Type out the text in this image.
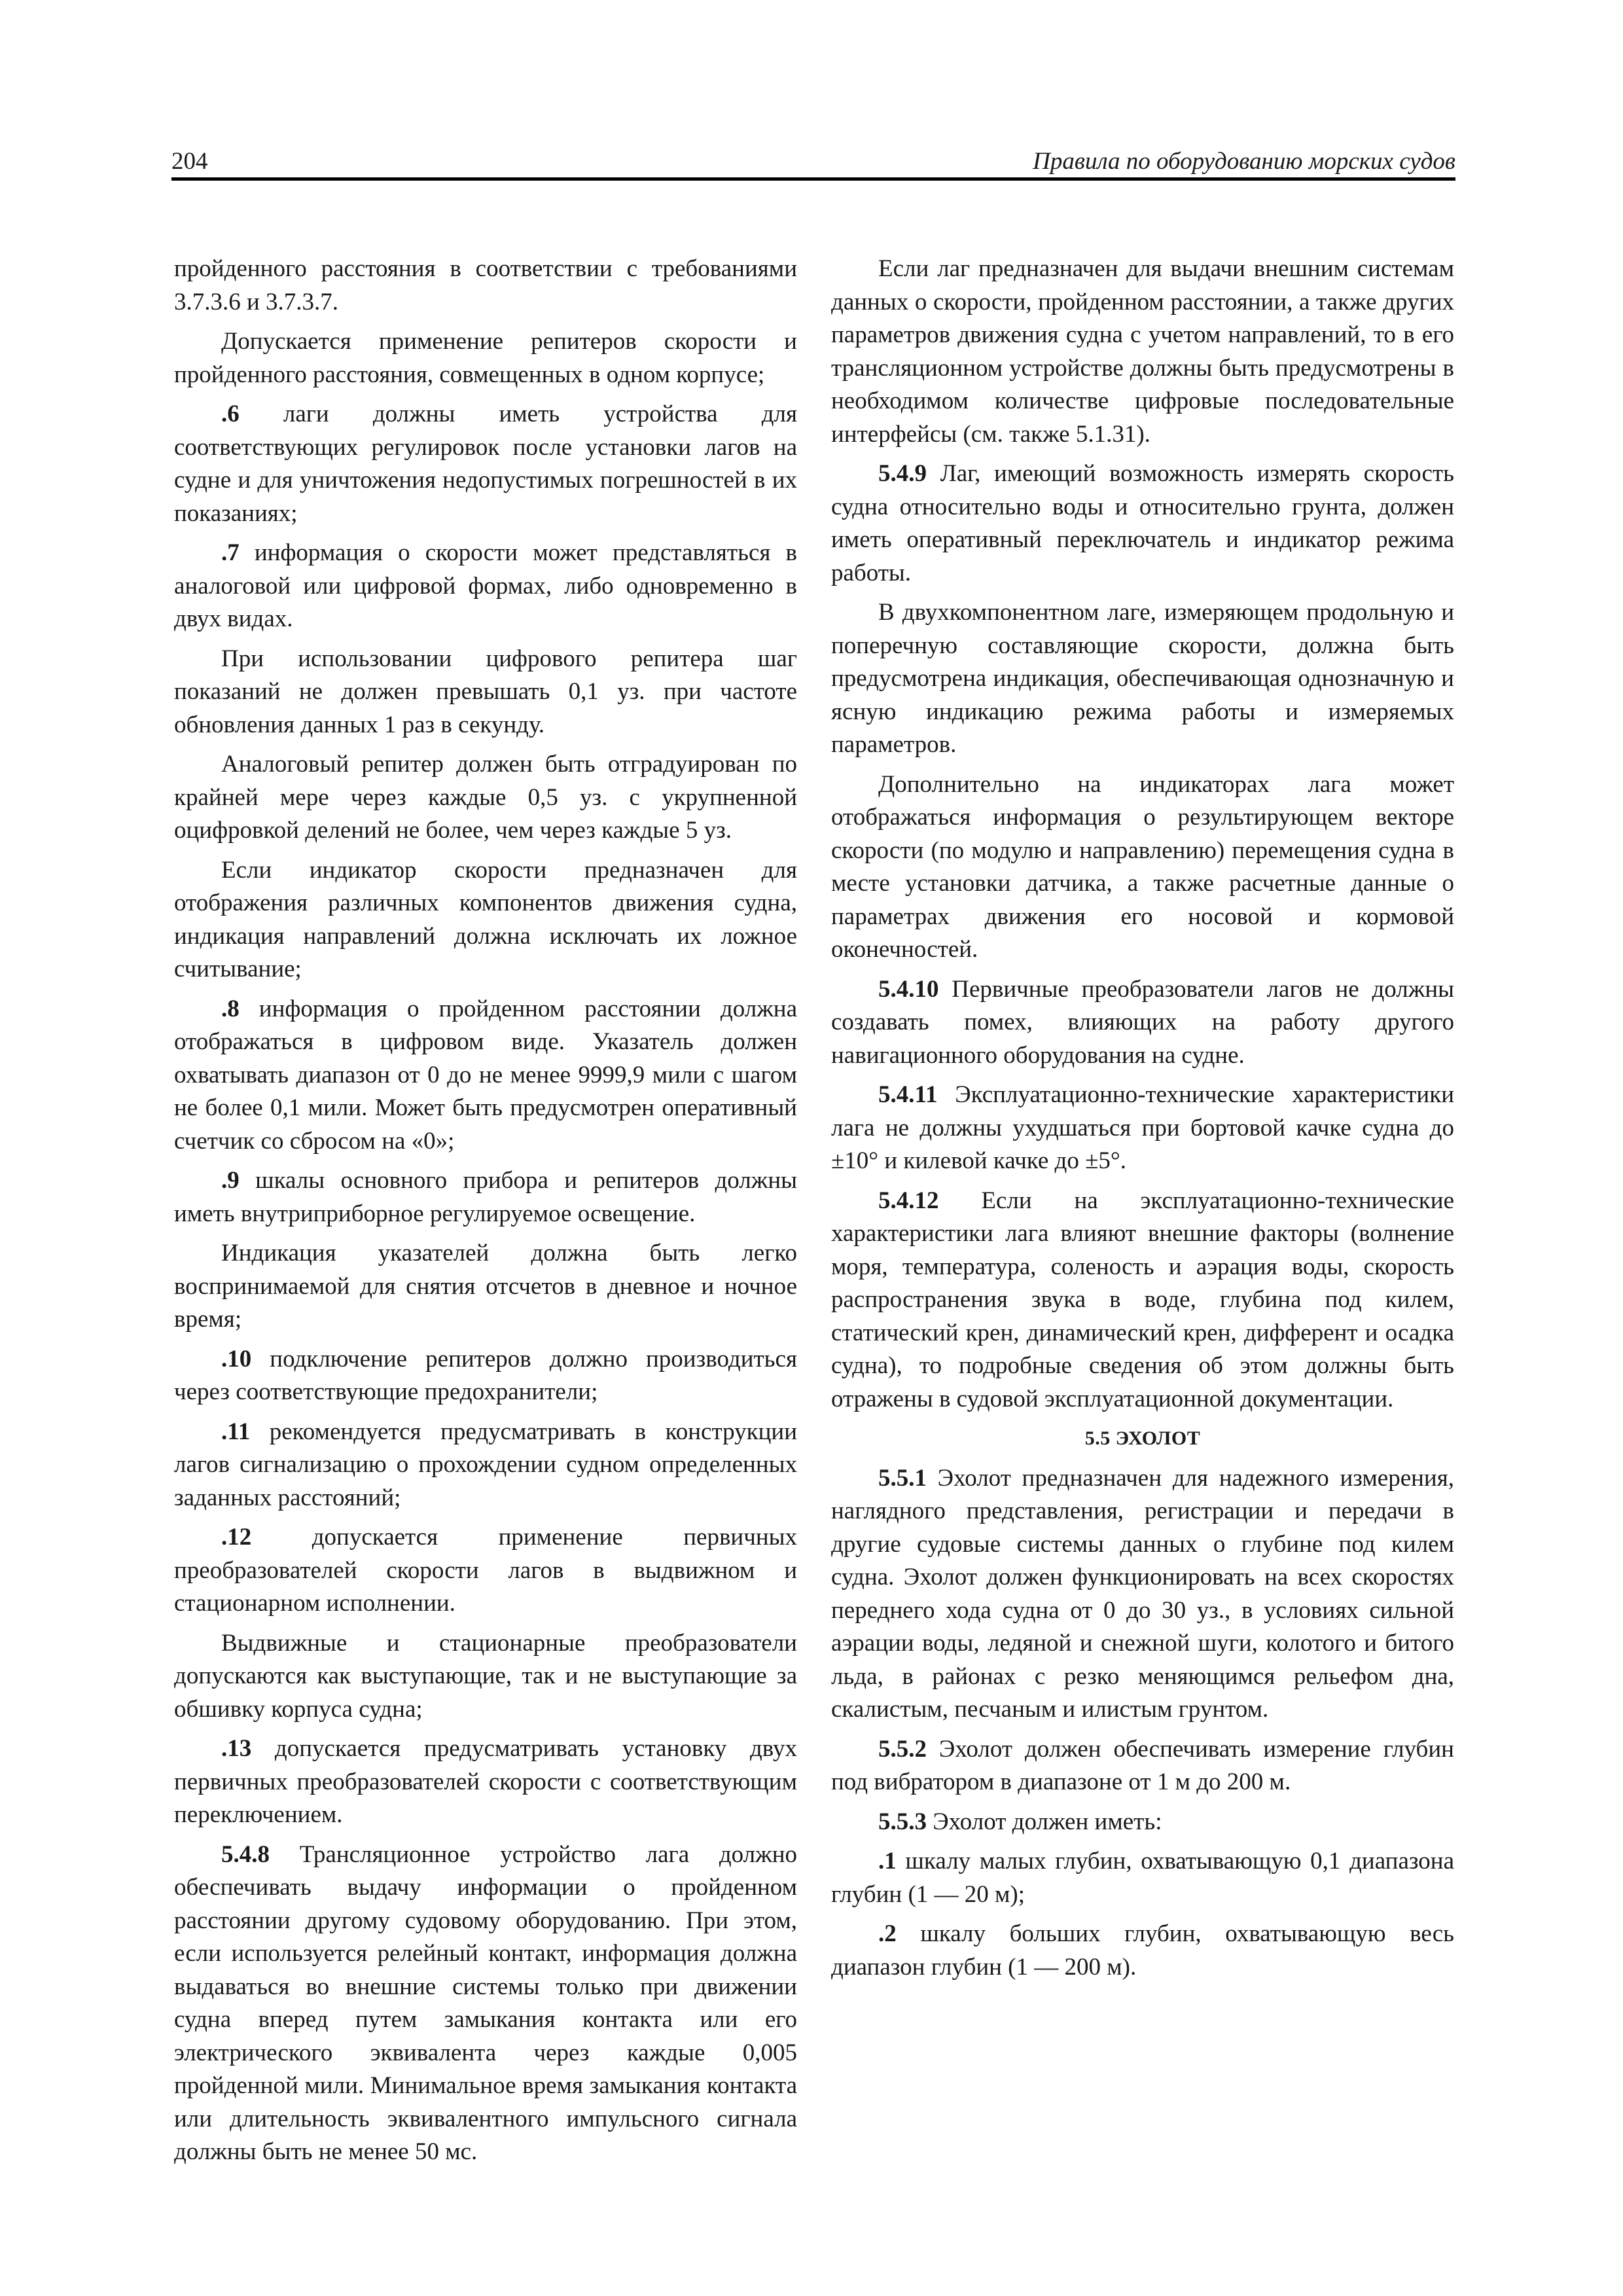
204	Правила по оборудованию морских судов

пройденного расстояния в соответствии с требованиями 3.7.3.6 и 3.7.3.7.

Допускается применение репитеров скорости и пройденного расстояния, совмещенных в одном корпусе;

.6 лаги должны иметь устройства для соответствующих регулировок после установки лагов на судне и для уничтожения недопустимых погрешностей в их показаниях;

.7 информация о скорости может представляться в аналоговой или цифровой формах, либо одновременно в двух видах.

При использовании цифрового репитера шаг показаний не должен превышать 0,1 уз. при частоте обновления данных 1 раз в секунду.

Аналоговый репитер должен быть отградуирован по крайней мере через каждые 0,5 уз. с укрупненной оцифровкой делений не более, чем через каждые 5 уз.

Если индикатор скорости предназначен для отображения различных компонентов движения судна, индикация направлений должна исключать их ложное считывание;

.8 информация о пройденном расстоянии должна отображаться в цифровом виде. Указатель должен охватывать диапазон от 0 до не менее 9999,9 мили с шагом не более 0,1 мили. Может быть предусмотрен оперативный счетчик со сбросом на «0»;

.9 шкалы основного прибора и репитеров должны иметь внутриприборное регулируемое освещение.

Индикация указателей должна быть легко воспринимаемой для снятия отсчетов в дневное и ночное время;

.10 подключение репитеров должно производиться через соответствующие предохранители;

.11 рекомендуется предусматривать в конструкции лагов сигнализацию о прохождении судном определенных заданных расстояний;

.12 допускается применение первичных преобразователей скорости лагов в выдвижном и стационарном исполнении.

Выдвижные и стационарные преобразователи допускаются как выступающие, так и не выступающие за обшивку корпуса судна;

.13 допускается предусматривать установку двух первичных преобразователей скорости с соответствующим переключением.

5.4.8 Трансляционное устройство лага должно обеспечивать выдачу информации о пройденном расстоянии другому судовому оборудованию. При этом, если используется релейный контакт, информация должна выдаваться во внешние системы только при движении судна вперед путем замыкания контакта или его электрического эквивалента через каждые 0,005 пройденной мили. Минимальное время замыкания контакта или длительность эквивалентного импульсного сигнала должны быть не менее 50 мс.

Если лаг предназначен для выдачи внешним системам данных о скорости, пройденном расстоянии, а также других параметров движения судна с учетом направлений, то в его трансляционном устройстве должны быть предусмотрены в необходимом количестве цифровые последовательные интерфейсы (см. также 5.1.31).

5.4.9 Лаг, имеющий возможность измерять скорость судна относительно воды и относительно грунта, должен иметь оперативный переключатель и индикатор режима работы.

В двухкомпонентном лаге, измеряющем продольную и поперечную составляющие скорости, должна быть предусмотрена индикация, обеспечивающая однозначную и ясную индикацию режима работы и измеряемых параметров.

Дополнительно на индикаторах лага может отображаться информация о результирующем векторе скорости (по модулю и направлению) перемещения судна в месте установки датчика, а также расчетные данные о параметрах движения его носовой и кормовой оконечностей.

5.4.10 Первичные преобразователи лагов не должны создавать помех, влияющих на работу другого навигационного оборудования на судне.

5.4.11 Эксплуатационно-технические характеристики лага не должны ухудшаться при бортовой качке судна до ±10° и килевой качке до ±5°.

5.4.12 Если на эксплуатационно-технические характеристики лага влияют внешние факторы (волнение моря, температура, соленость и аэрация воды, скорость распространения звука в воде, глубина под килем, статический крен, динамический крен, дифферент и осадка судна), то подробные сведения об этом должны быть отражены в судовой эксплуатационной документации.

5.5 ЭХОЛОТ

5.5.1 Эхолот предназначен для надежного измерения, наглядного представления, регистрации и передачи в другие судовые системы данных о глубине под килем судна. Эхолот должен функционировать на всех скоростях переднего хода судна от 0 до 30 уз., в условиях сильной аэрации воды, ледяной и снежной шуги, колотого и битого льда, в районах с резко меняющимся рельефом дна, скалистым, песчаным и илистым грунтом.

5.5.2 Эхолот должен обеспечивать измерение глубин под вибратором в диапазоне от 1 м до 200 м.

5.5.3 Эхолот должен иметь:

.1 шкалу малых глубин, охватывающую 0,1 диапазона глубин (1 — 20 м);

.2 шкалу больших глубин, охватывающую весь диапазон глубин (1 — 200 м).
